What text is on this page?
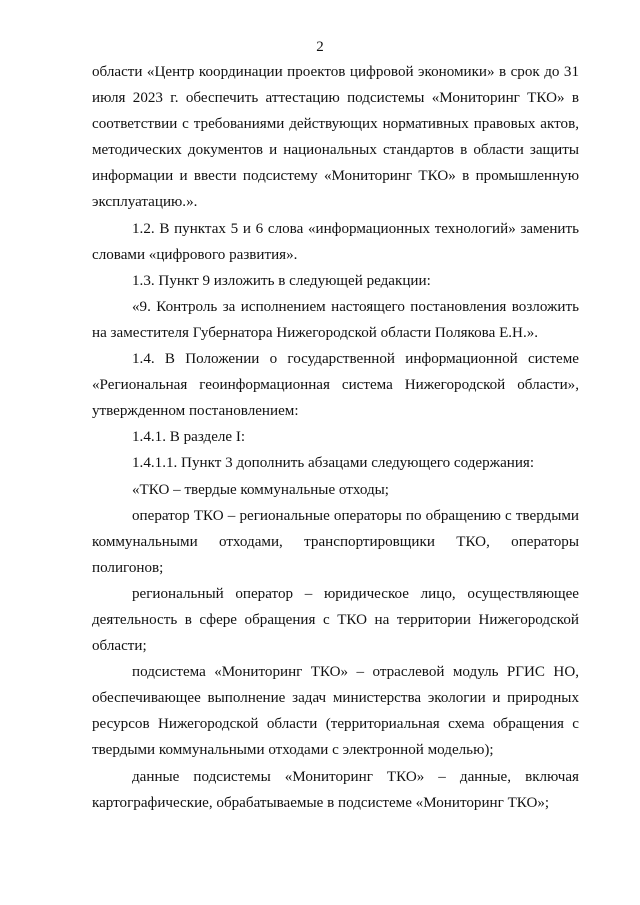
2

области «Центр координации проектов цифровой экономики» в срок до 31 июля 2023 г. обеспечить аттестацию подсистемы «Мониторинг ТКО» в соответствии с требованиями действующих нормативных правовых актов, методических документов и национальных стандартов в области защиты информации и ввести подсистему «Мониторинг ТКО» в промышленную эксплуатацию.».

1.2. В пунктах 5 и 6 слова «информационных технологий» заменить словами «цифрового развития».

1.3. Пункт 9 изложить в следующей редакции:

«9. Контроль за исполнением настоящего постановления возложить на заместителя Губернатора Нижегородской области Полякова Е.Н.».

1.4. В Положении о государственной информационной системе «Региональная геоинформационная система Нижегородской области», утвержденном постановлением:

1.4.1. В разделе I:

1.4.1.1. Пункт 3 дополнить абзацами следующего содержания:

«ТКО – твердые коммунальные отходы;

оператор ТКО – региональные операторы по обращению с твердыми коммунальными отходами, транспортировщики ТКО, операторы полигонов;

региональный оператор – юридическое лицо, осуществляющее деятельность в сфере обращения с ТКО на территории Нижегородской области;

подсистема «Мониторинг ТКО» – отраслевой модуль РГИС НО, обеспечивающее выполнение задач министерства экологии и природных ресурсов Нижегородской области (территориальная схема обращения с твердыми коммунальными отходами с электронной моделью);

данные подсистемы «Мониторинг ТКО» – данные, включая картографические, обрабатываемые в подсистеме «Мониторинг ТКО»;
